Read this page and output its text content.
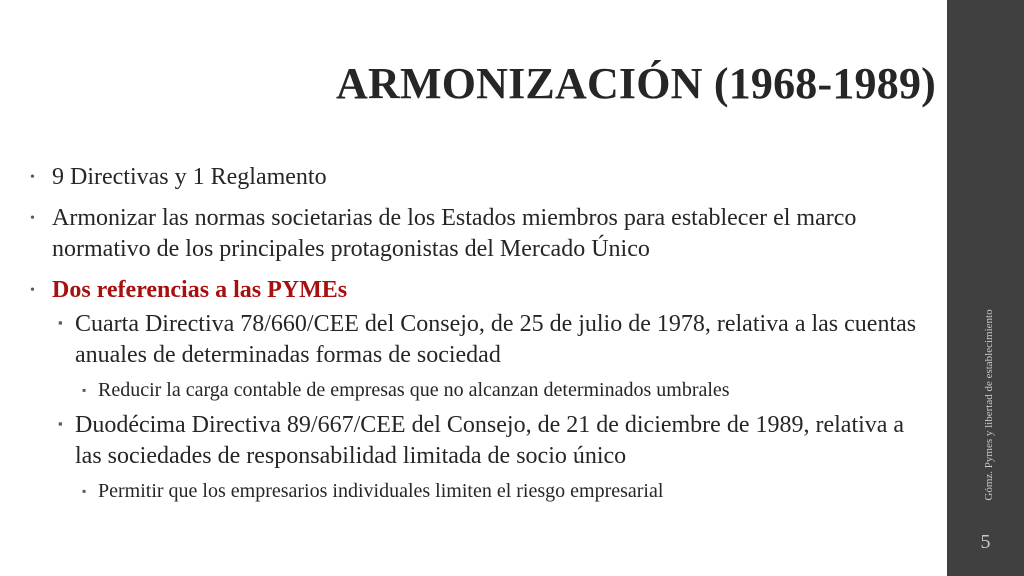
ARMONIZACIÓN (1968-1989)
• 9 Directivas y 1 Reglamento
• Armonizar las normas societarias de los Estados miembros para establecer el marco normativo de los principales protagonistas del Mercado Único
• Dos referencias a las PYMEs
▪ Cuarta Directiva 78/660/CEE del Consejo, de 25 de julio de 1978, relativa a las cuentas anuales de determinadas formas de sociedad
▪ Reducir la carga contable de empresas que no alcanzan determinados umbrales
▪ Duodécima Directiva 89/667/CEE del Consejo, de 21 de diciembre de 1989, relativa a las sociedades de responsabilidad limitada de socio único
▪ Permitir que los empresarios individuales limiten el riesgo empresarial	Gómz. Pymes y libertad de establecimiento
5
